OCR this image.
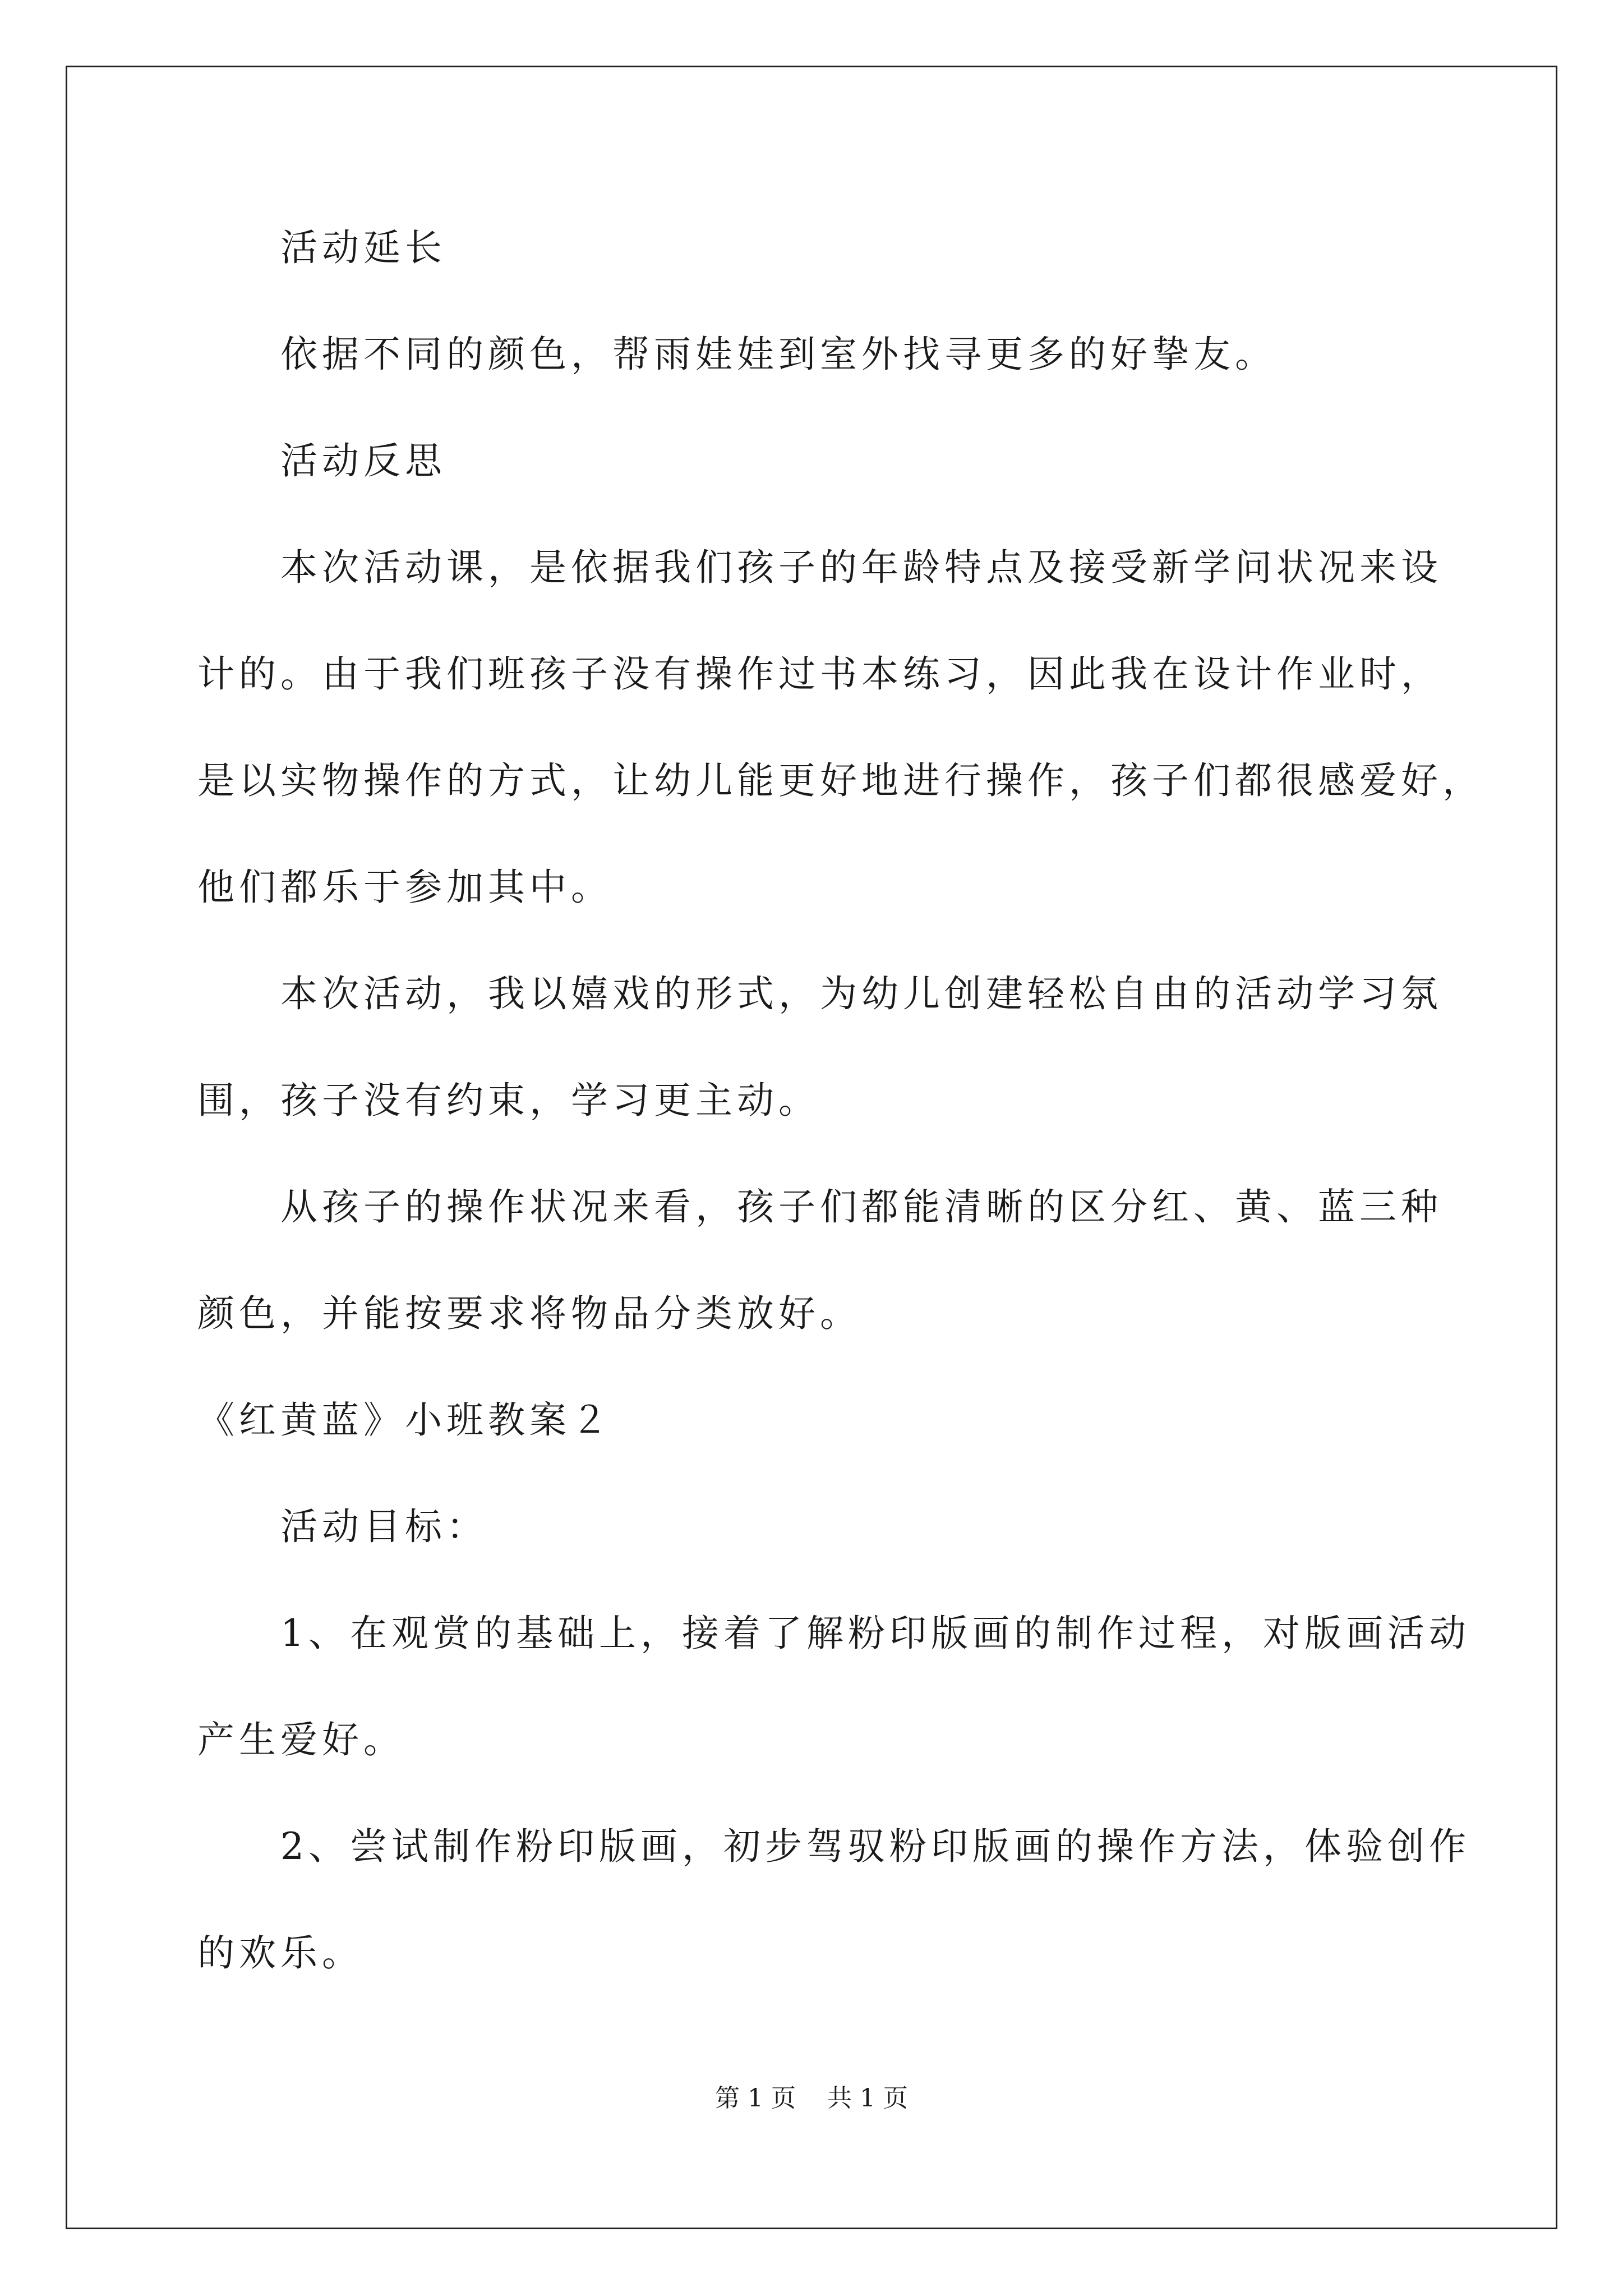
活动延长
依据不同的颜色，帮雨娃娃到室外找寻更多的好挚友。
活动反思
本次活动课，是依据我们孩子的年龄特点及接受新学问状况来设
计的。由于我们班孩子没有操作过书本练习，因此我在设计作业时，
是以实物操作的方式，让幼儿能更好地进行操作，孩子们都很感爱好，
他们都乐于参加其中。
本次活动，我以嬉戏的形式，为幼儿创建轻松自由的活动学习氛
围，孩子没有约束，学习更主动。
从孩子的操作状况来看，孩子们都能清晰的区分红、黄、蓝三种
颜色，并能按要求将物品分类放好。
《红黄蓝》小班教案２
活动目标：
1、在观赏的基础上，接着了解粉印版画的制作过程，对版画活动
产生爱好。
2、尝试制作粉印版画，初步驾驭粉印版画的操作方法，体验创作
的欢乐。
第 1 页    共 1 页
